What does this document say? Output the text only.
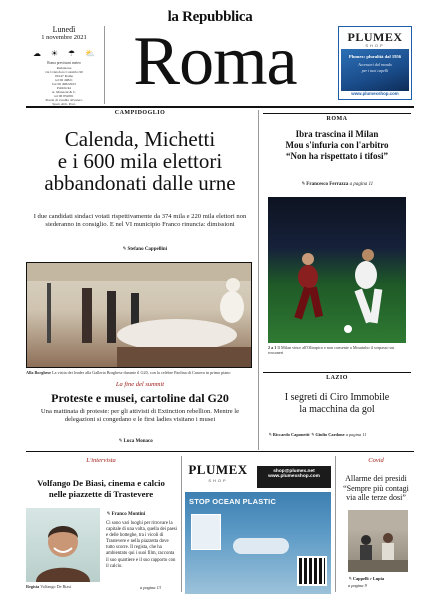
la Repubblica
Roma
Lunedì
1 novembre 2021
☁ ☀ ☂ ⛅
Roma previsioni meteo
Redazione
via Cristoforo Colombo 90
00147 Roma
tel 06 49821
fax 06 49822923
Pubblicità
A. Manzoni & C.
tel 06 852081
Prezzi di vendita all'estero
Sped. Abb. Post.
PLUMEX
SHOP
Plumex: pluralità dal 1956
Accessori dal mondo
per i tuoi capelli
www.plumexshop.com
CAMPIDOGLIO
Calenda, Michetti
e i 600 mila elettori
abbandonati dalle urne
I due candidati sindaci votati rispettivamente da 374 mila e 220 mila elettori non siederanno in consiglio. E nel VI municipio Franco rinuncia: dimissioni
✎ Stefano Cappellini
ROMA
Ibra trascina il Milan
Mou s'infuria con l'arbitro
“Non ha rispettato i tifosi”
✎ Francesco Ferrazza a pagina 11
2 a 1 Il Milan vince all'Olimpico e non consente a Mourinho il sorpasso sui rossoneri
LAZIO
I segreti di Ciro Immobile
la macchina da gol
✎ Riccardo Caponetti ✎ Giulio Cardone a pagina 11
Alla Borghese La visita dei leader alla Galleria Borghese durante il G20, con la celebre Paolina di Canova in primo piano
La fine del summit
Proteste e musei, cartoline dal G20
Una mattinata di proteste: per gli attivisti di Extinction rebellion. Mentre le delegazioni si congedano e le first ladies visitano i musei
✎ Luca Monaco
L'intervista
Volfango De Biasi, cinema e calcio
nelle piazzette di Trastevere
Regista Volfango De Biasi
✎ Franco Montini
Ci sono vari luoghi per ritrovare la capitale di una volta, quella dei paesi e delle botteghe, tra i vicoli di Trastevere e nella piazzetta dove tutto scorre. Il regista, che ha ambientato qui i suoi film, racconta il suo quartiere e il suo rapporto con il calcio.
a pagina 13
PLUMEX
SHOP
shop@plumex.net
www.plumexshop.com
STOP OCEAN PLASTIC
Covid
Allarme dei presidi
“Sempre più contagi
via alle terze dosi”
✎ Cappelli e Lupia
a pagina 9
